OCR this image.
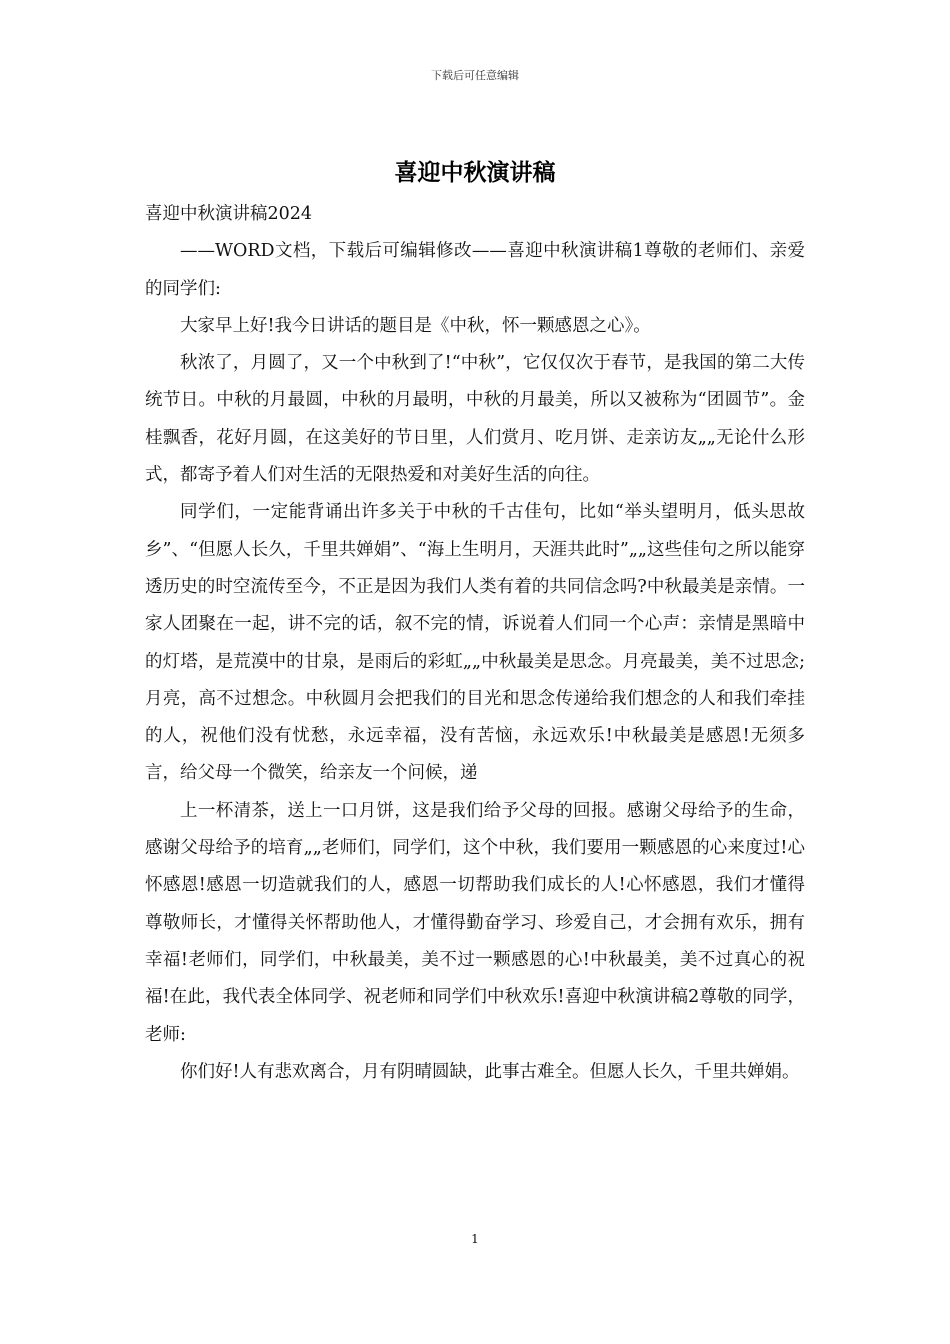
下载后可任意编辑
喜迎中秋演讲稿

喜迎中秋演讲稿2024

——WORD文档，下载后可编辑修改——喜迎中秋演讲稿1尊敬的老师们、亲爱的同学们:

大家早上好!我今日讲话的题目是《中秋，怀一颗感恩之心》。

秋浓了，月圆了，又一个中秋到了!“中秋”，它仅仅次于春节，是我国的第二大传统节日。中秋的月最圆，中秋的月最明，中秋的月最美，所以又被称为“团圆节”。金桂飘香，花好月圆，在这美好的节日里，人们赏月、吃月饼、走亲访友„„无论什么形式，都寄予着人们对生活的无限热爱和对美好生活的向往。

同学们，一定能背诵出许多关于中秋的千古佳句，比如“举头望明月，低头思故乡”、“但愿人长久，千里共婵娟”、“海上生明月，天涯共此时”„„这些佳句之所以能穿透历史的时空流传至今，不正是因为我们人类有着的共同信念吗?中秋最美是亲情。一家人团聚在一起，讲不完的话，叙不完的情，诉说着人们同一个心声：亲情是黑暗中的灯塔，是荒漠中的甘泉，是雨后的彩虹„„中秋最美是思念。月亮最美，美不过思念;月亮，高不过想念。中秋圆月会把我们的目光和思念传递给我们想念的人和我们牵挂的人，祝他们没有忧愁，永远幸福，没有苦恼，永远欢乐!中秋最美是感恩!无须多言，给父母一个微笑，给亲友一个问候，递

上一杯清茶，送上一口月饼，这是我们给予父母的回报。感谢父母给予的生命，感谢父母给予的培育„„老师们，同学们，这个中秋，我们要用一颗感恩的心来度过!心怀感恩!感恩一切造就我们的人，感恩一切帮助我们成长的人!心怀感恩，我们才懂得尊敬师长，才懂得关怀帮助他人，才懂得勤奋学习、珍爱自己，才会拥有欢乐，拥有幸福!老师们，同学们，中秋最美，美不过一颗感恩的心!中秋最美，美不过真心的祝福!在此，我代表全体同学、祝老师和同学们中秋欢乐!喜迎中秋演讲稿2尊敬的同学，老师:

你们好!人有悲欢离合，月有阴晴圆缺，此事古难全。但愿人长久，千里共婵娟。

1
